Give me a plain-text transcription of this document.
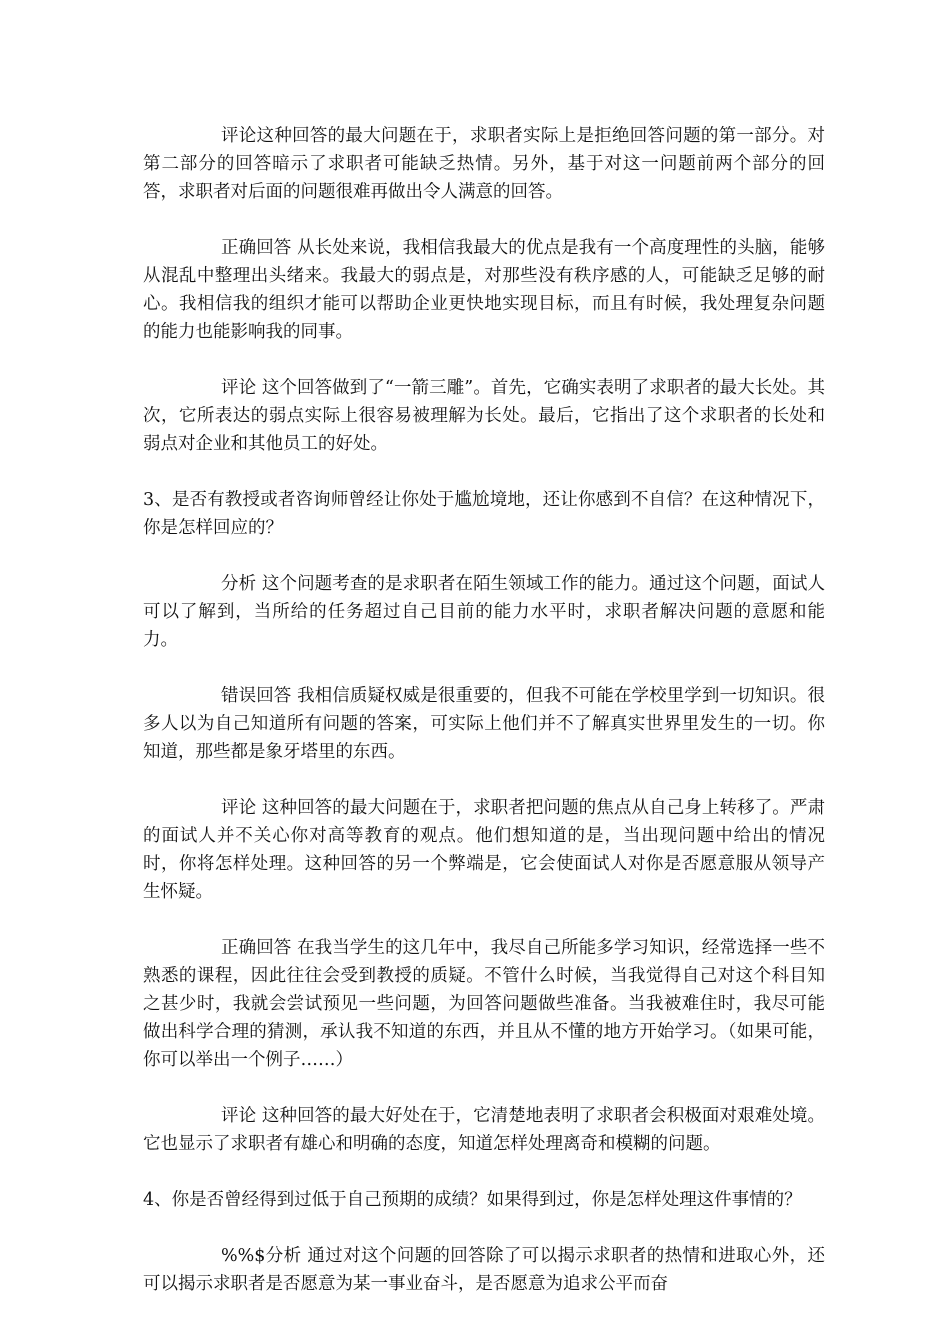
评论这种回答的最大问题在于，求职者实际上是拒绝回答问题的第一部分。对第二部分的回答暗示了求职者可能缺乏热情。另外，基于对这一问题前两个部分的回答，求职者对后面的问题很难再做出令人满意的回答。

正确回答 从长处来说，我相信我最大的优点是我有一个高度理性的头脑，能够从混乱中整理出头绪来。我最大的弱点是，对那些没有秩序感的人，可能缺乏足够的耐心。我相信我的组织才能可以帮助企业更快地实现目标，而且有时候，我处理复杂问题的能力也能影响我的同事。

评论 这个回答做到了“一箭三雕”。首先，它确实表明了求职者的最大长处。其次，它所表达的弱点实际上很容易被理解为长处。最后，它指出了这个求职者的长处和弱点对企业和其他员工的好处。

3、是否有教授或者咨询师曾经让你处于尴尬境地，还让你感到不自信？在这种情况下，你是怎样回应的？

分析 这个问题考查的是求职者在陌生领域工作的能力。通过这个问题，面试人可以了解到，当所给的任务超过自己目前的能力水平时，求职者解决问题的意愿和能力。

错误回答 我相信质疑权威是很重要的，但我不可能在学校里学到一切知识。很多人以为自己知道所有问题的答案，可实际上他们并不了解真实世界里发生的一切。你知道，那些都是象牙塔里的东西。

评论 这种回答的最大问题在于，求职者把问题的焦点从自己身上转移了。严肃的面试人并不关心你对高等教育的观点。他们想知道的是，当出现问题中给出的情况时，你将怎样处理。这种回答的另一个弊端是，它会使面试人对你是否愿意服从领导产生怀疑。

正确回答 在我当学生的这几年中，我尽自己所能多学习知识，经常选择一些不熟悉的课程，因此往往会受到教授的质疑。不管什么时候，当我觉得自己对这个科目知之甚少时，我就会尝试预见一些问题，为回答问题做些准备。当我被难住时，我尽可能做出科学合理的猜测，承认我不知道的东西，并且从不懂的地方开始学习。（如果可能，你可以举出一个例子……）

评论 这种回答的最大好处在于，它清楚地表明了求职者会积极面对艰难处境。它也显示了求职者有雄心和明确的态度，知道怎样处理离奇和模糊的问题。

4、你是否曾经得到过低于自己预期的成绩？如果得到过，你是怎样处理这件事情的？

%%$分析 通过对这个问题的回答除了可以揭示求职者的热情和进取心外，还可以揭示求职者是否愿意为某一事业奋斗，是否愿意为追求公平而奋
